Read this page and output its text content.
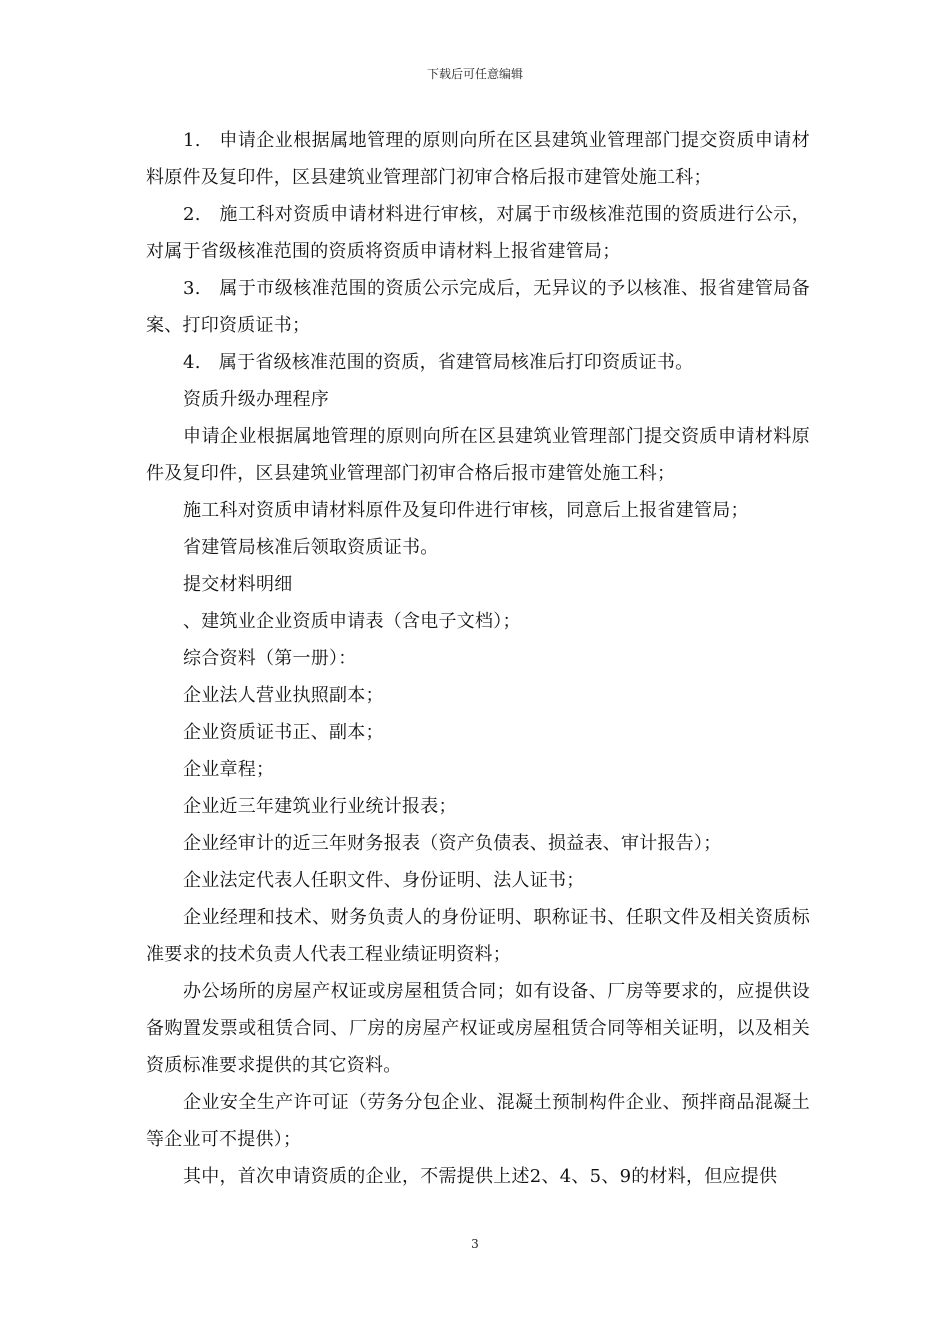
下载后可任意编辑

1.　申请企业根据属地管理的原则向所在区县建筑业管理部门提交资质申请材料原件及复印件，区县建筑业管理部门初审合格后报市建管处施工科；

2.　施工科对资质申请材料进行审核，对属于市级核准范围的资质进行公示，对属于省级核准范围的资质将资质申请材料上报省建管局；

3.　属于市级核准范围的资质公示完成后，无异议的予以核准、报省建管局备案、打印资质证书；

4.　属于省级核准范围的资质，省建管局核准后打印资质证书。

资质升级办理程序

申请企业根据属地管理的原则向所在区县建筑业管理部门提交资质申请材料原件及复印件，区县建筑业管理部门初审合格后报市建管处施工科；

施工科对资质申请材料原件及复印件进行审核，同意后上报省建管局；

省建管局核准后领取资质证书。

提交材料明细

、建筑业企业资质申请表（含电子文档）；

综合资料（第一册）：

企业法人营业执照副本；

企业资质证书正、副本；

企业章程；

企业近三年建筑业行业统计报表；

企业经审计的近三年财务报表（资产负债表、损益表、审计报告）；

企业法定代表人任职文件、身份证明、法人证书；

企业经理和技术、财务负责人的身份证明、职称证书、任职文件及相关资质标准要求的技术负责人代表工程业绩证明资料；

办公场所的房屋产权证或房屋租赁合同；如有设备、厂房等要求的，应提供设备购置发票或租赁合同、厂房的房屋产权证或房屋租赁合同等相关证明，以及相关资质标准要求提供的其它资料。

企业安全生产许可证（劳务分包企业、混凝土预制构件企业、预拌商品混凝土等企业可不提供）；

其中，首次申请资质的企业，不需提供上述2、4、5、9的材料，但应提供

3
